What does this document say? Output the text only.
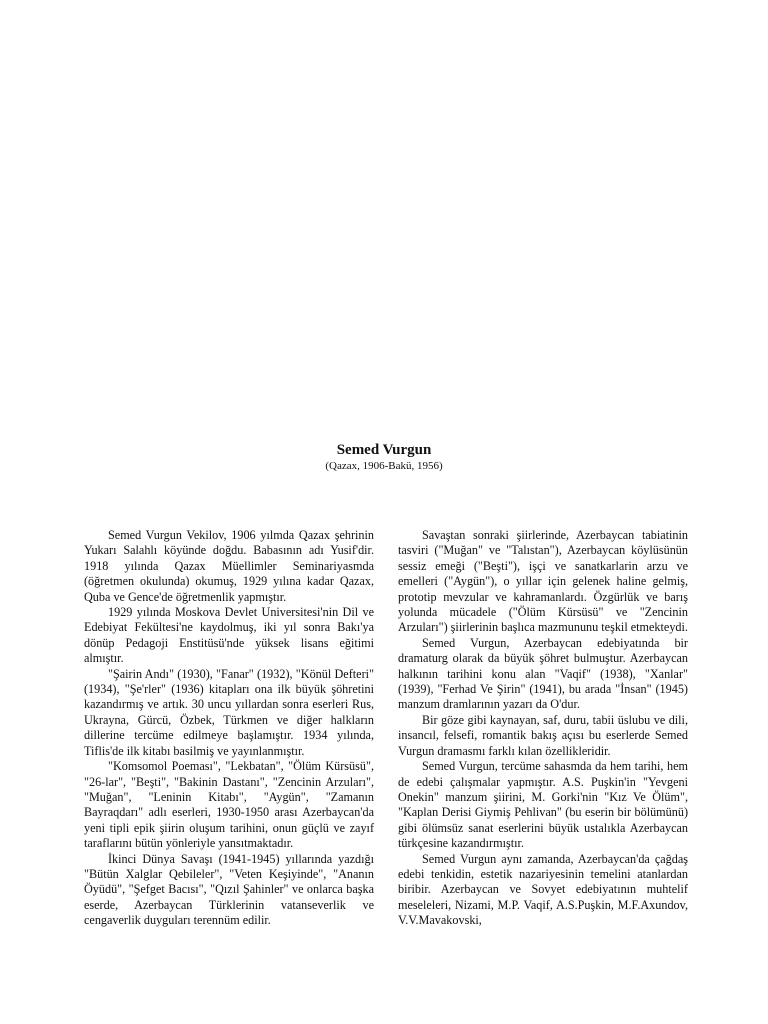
Semed Vurgun
(Qazax, 1906-Bakü, 1956)

Semed Vurgun Vekilov, 1906 yılmda Qazax şehrinin Yukarı Salahlı köyünde doğdu. Babasının adı Yusif'dir. 1918 yılında Qazax Müellimler Seminariyasmda (öğretmen okulunda) okumuş, 1929 yılına kadar Qazax, Quba ve Gence'de öğretmenlik yapmıştır.

1929 yılında Moskova Devlet Universitesi'nin Dil ve Edebiyat Fekültesi'ne kaydolmuş, iki yıl sonra Bakı'ya dönüp Pedagoji Enstitüsü'nde yüksek lisans eğitimi almıştır.

"Şairin Andı" (1930), "Fanar" (1932), "Könül Defteri" (1934), "Şe'rler" (1936) kitapları ona ilk büyük şöhretini kazandırmış ve artık. 30 uncu yıllardan sonra eserleri Rus, Ukrayna, Gürcü, Özbek, Türkmen ve diğer halkların dillerine tercüme edilmeye başlamıştır. 1934 yılında, Tiflis'de ilk kitabı basilmiş ve yayınlanmıştır.

"Komsomol Poeması", "Lekbatan", "Ölüm Kürsüsü", "26-lar", "Beşti", "Bakinin Dastanı", "Zencinin Arzuları", "Muğan", "Leninin Kitabı", "Aygün", "Zamanın Bayraqdarı" adlı eserleri, 1930-1950 arası Azerbaycan'da yeni tipli epik şiirin oluşum tarihini, onun güçlü ve zayıf taraflarını bütün yönleriyle yansıtmaktadır.

İkinci Dünya Savaşı (1941-1945) yıllarında yazdığı "Bütün Xalglar Qebileler", "Veten Keşiyinde", "Ananın Öyüdü", "Şefget Bacısı", "Qızıl Şahinler" ve onlarca başka eserde, Azerbaycan Türklerinin vatanseverlik ve cengaverlik duyguları terennüm edilir.

Savaştan sonraki şiirlerinde, Azerbaycan tabiatinin tasviri ("Muğan" ve "Talıstan"), Azerbaycan köylüsünün sessiz emeği ("Beşti"), işçi ve sanatkarlarin arzu ve emelleri ("Aygün"), o yıllar için gelenek haline gelmiş, prototip mevzular ve kahramanlardı. Özgürlük ve barış yolunda mücadele ("Ölüm Kürsüsü" ve "Zencinin Arzuları") şiirlerinin başlıca mazmununu teşkil etmekteydi.

Semed Vurgun, Azerbaycan edebiyatında bir dramaturg olarak da büyük şöhret bulmuştur. Azerbaycan halkının tarihini konu alan "Vaqif" (1938), "Xanlar" (1939), "Ferhad Ve Şirin" (1941), bu arada "İnsan" (1945) manzum dramlarının yazarı da O'dur.

Bir göze gibi kaynayan, saf, duru, tabii üslubu ve dili, insancıl, felsefi, romantik bakış açısı bu eserlerde Semed Vurgun dramasmı farklı kılan özellikleridir.

Semed Vurgun, tercüme sahasmda da hem tarihi, hem de edebi çalışmalar yapmıştır. A.S. Puşkin'in "Yevgeni Onekin" manzum şiirini, M. Gorki'nin "Kız Ve Ölüm", "Kaplan Derisi Giymiş Pehlivan" (bu eserin bir bölümünü) gibi ölümsüz sanat eserlerini büyük ustalıkla Azerbaycan türkçesine kazandırmıştır.

Semed Vurgun aynı zamanda, Azerbaycan'da çağdaş edebi tenkidin, estetik nazariyesinin temelini atanlardan biribir. Azerbaycan ve Sovyet edebiyatının muhtelif meseleleri, Nizami, M.P. Vaqif, A.S.Puşkin, M.F.Axundov, V.V.Mavakovski,
